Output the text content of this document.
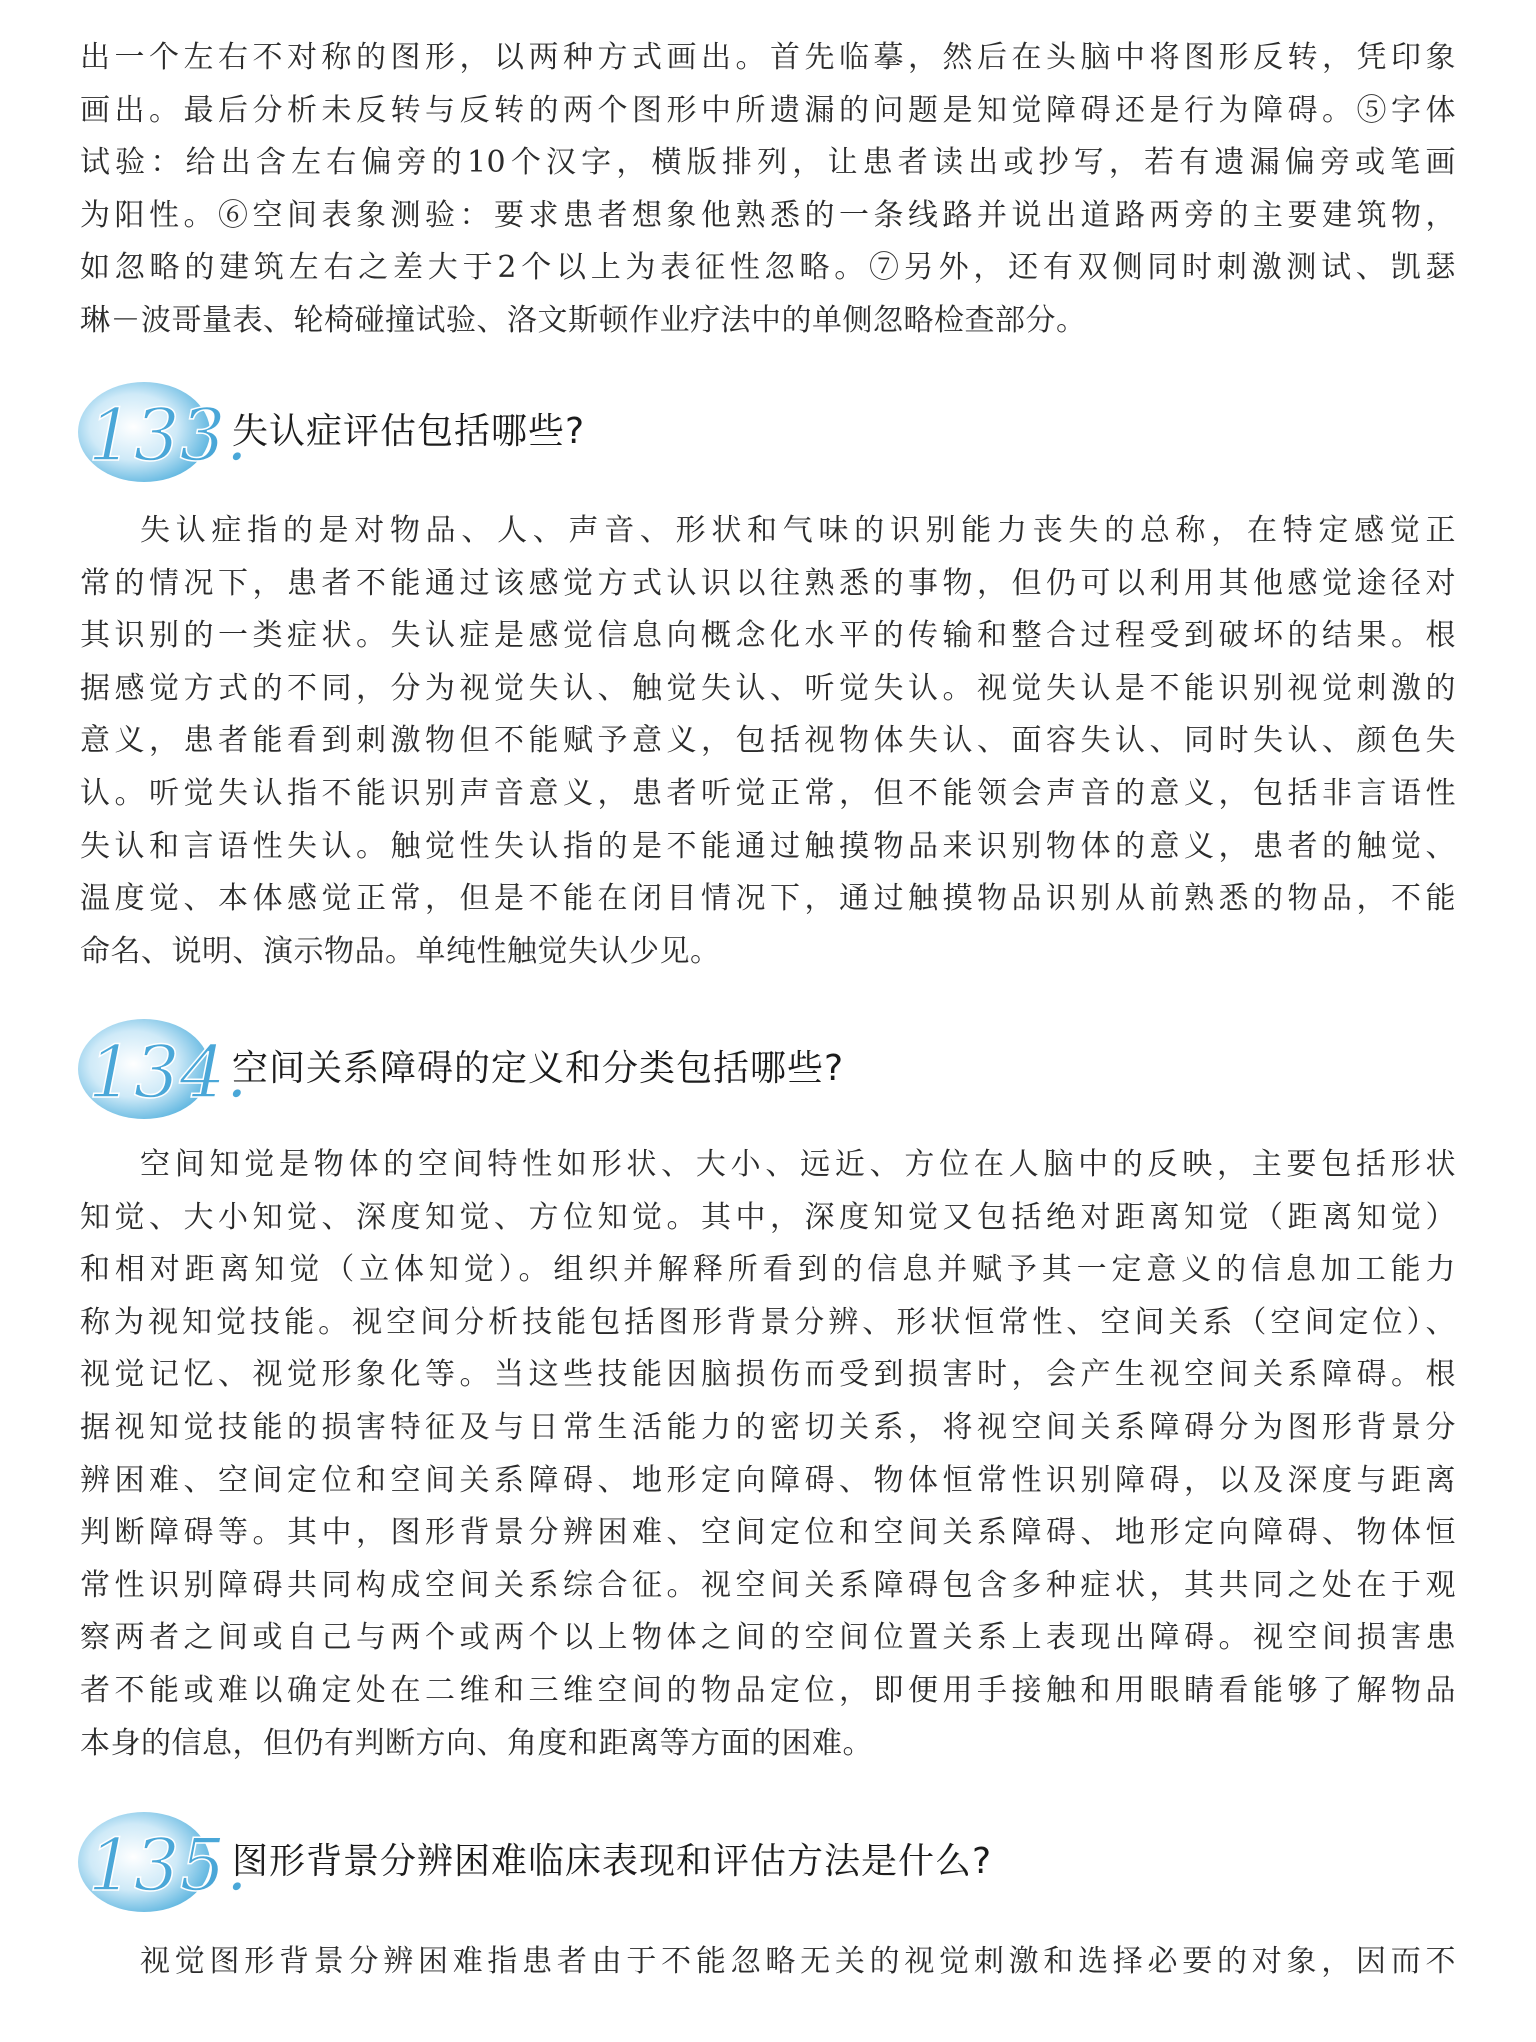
出一个左右不对称的图形，以两种方式画出。首先临摹，然后在头脑中将图形反转，凭印象
画出。最后分析未反转与反转的两个图形中所遗漏的问题是知觉障碍还是行为障碍。⑤字体
试验：给出含左右偏旁的10个汉字，横版排列，让患者读出或抄写，若有遗漏偏旁或笔画
为阳性。⑥空间表象测验：要求患者想象他熟悉的一条线路并说出道路两旁的主要建筑物，
如忽略的建筑左右之差大于2个以上为表征性忽略。⑦另外，还有双侧同时刺激测试、凯瑟
琳－波哥量表、轮椅碰撞试验、洛文斯顿作业疗法中的单侧忽略检查部分。
133.
失认症评估包括哪些?
失认症指的是对物品、人、声音、形状和气味的识别能力丧失的总称，在特定感觉正
常的情况下，患者不能通过该感觉方式认识以往熟悉的事物，但仍可以利用其他感觉途径对
其识别的一类症状。失认症是感觉信息向概念化水平的传输和整合过程受到破坏的结果。根
据感觉方式的不同，分为视觉失认、触觉失认、听觉失认。视觉失认是不能识别视觉刺激的
意义，患者能看到刺激物但不能赋予意义，包括视物体失认、面容失认、同时失认、颜色失
认。听觉失认指不能识别声音意义，患者听觉正常，但不能领会声音的意义，包括非言语性
失认和言语性失认。触觉性失认指的是不能通过触摸物品来识别物体的意义，患者的触觉、
温度觉、本体感觉正常，但是不能在闭目情况下，通过触摸物品识别从前熟悉的物品，不能
命名、说明、演示物品。单纯性触觉失认少见。
134.
空间关系障碍的定义和分类包括哪些?
空间知觉是物体的空间特性如形状、大小、远近、方位在人脑中的反映，主要包括形状
知觉、大小知觉、深度知觉、方位知觉。其中，深度知觉又包括绝对距离知觉（距离知觉）
和相对距离知觉（立体知觉）。组织并解释所看到的信息并赋予其一定意义的信息加工能力
称为视知觉技能。视空间分析技能包括图形背景分辨、形状恒常性、空间关系（空间定位）、
视觉记忆、视觉形象化等。当这些技能因脑损伤而受到损害时，会产生视空间关系障碍。根
据视知觉技能的损害特征及与日常生活能力的密切关系，将视空间关系障碍分为图形背景分
辨困难、空间定位和空间关系障碍、地形定向障碍、物体恒常性识别障碍，以及深度与距离
判断障碍等。其中，图形背景分辨困难、空间定位和空间关系障碍、地形定向障碍、物体恒
常性识别障碍共同构成空间关系综合征。视空间关系障碍包含多种症状，其共同之处在于观
察两者之间或自己与两个或两个以上物体之间的空间位置关系上表现出障碍。视空间损害患
者不能或难以确定处在二维和三维空间的物品定位，即便用手接触和用眼睛看能够了解物品
本身的信息，但仍有判断方向、角度和距离等方面的困难。
135.
图形背景分辨困难临床表现和评估方法是什么?
视觉图形背景分辨困难指患者由于不能忽略无关的视觉刺激和选择必要的对象，因而不
